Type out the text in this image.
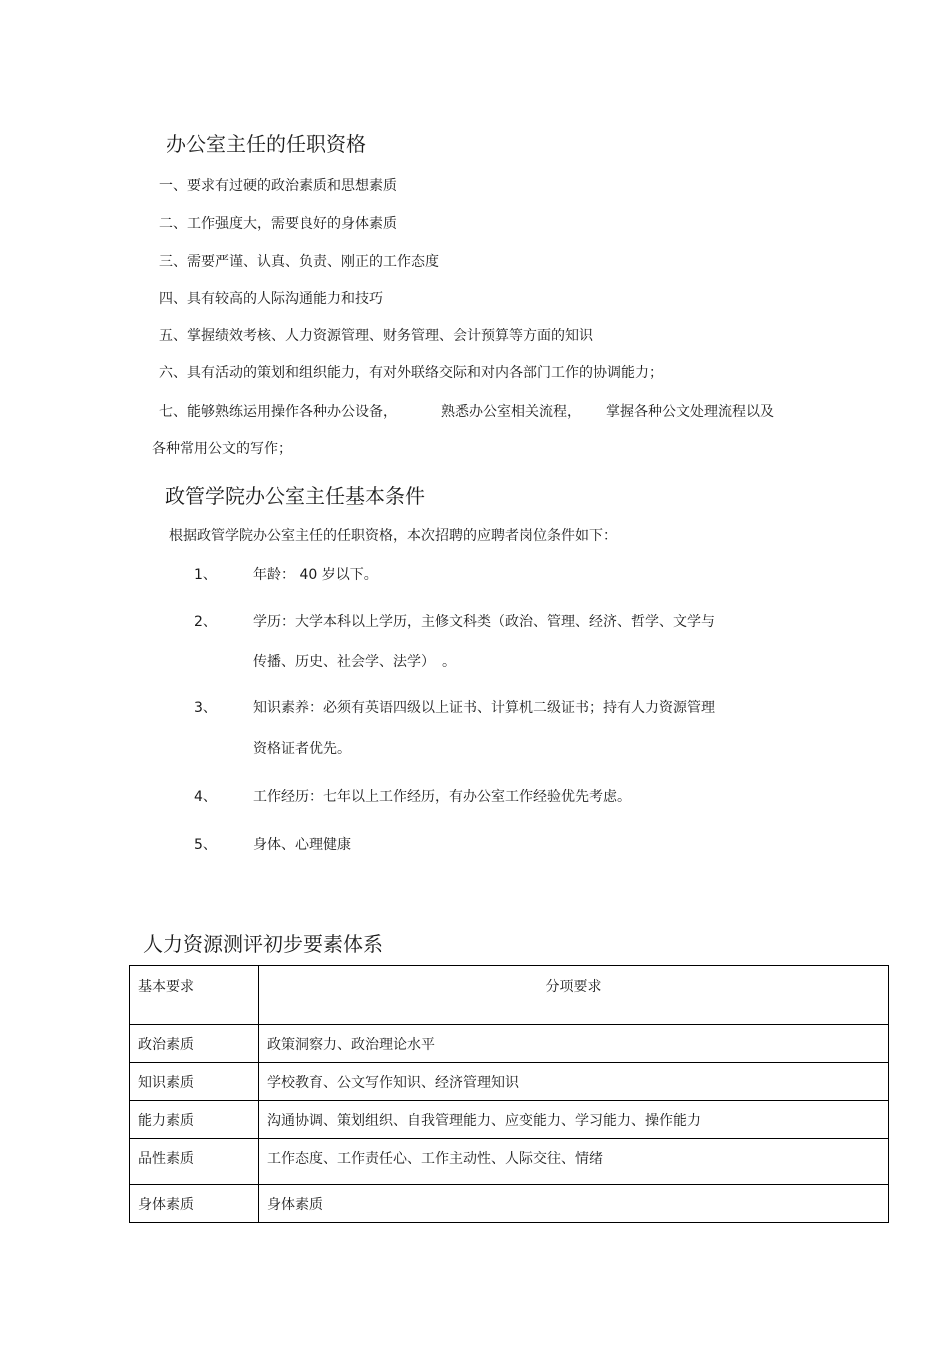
办公室主任的任职资格
一、要求有过硬的政治素质和思想素质
二、工作强度大，需要良好的身体素质
三、需要严谨、认真、负责、刚正的工作态度
四、具有较高的人际沟通能力和技巧
五、掌握绩效考核、人力资源管理、财务管理、会计预算等方面的知识
六、具有活动的策划和组织能力，有对外联络交际和对内各部门工作的协调能力；
七、能够熟练运用操作各种办公设备，	熟悉办公室相关流程， 掌握各种公文处理流程以及
各种常用公文的写作；
政管学院办公室主任基本条件
根据政管学院办公室主任的任职资格，本次招聘的应聘者岗位条件如下：
1、	年龄： 40 岁以下。
2、	学历：大学本科以上学历，主修文科类（政治、管理、经济、哲学、文学与
传播、历史、社会学、法学）　。
3、	知识素养：必须有英语四级以上证书、计算机二级证书；持有人力资源管理
资格证者优先。
4、	工作经历：七年以上工作经历，有办公室工作经验优先考虑。
5、	身体、心理健康
人力资源测评初步要素体系
基本要求	分项要求
政治素质	政策洞察力、政治理论水平
知识素质	学校教育、公文写作知识、经济管理知识
能力素质	沟通协调、策划组织、自我管理能力、应变能力、学习能力、操作能力
品性素质	工作态度、工作责任心、工作主动性、人际交往、情绪
身体素质	身体素质
